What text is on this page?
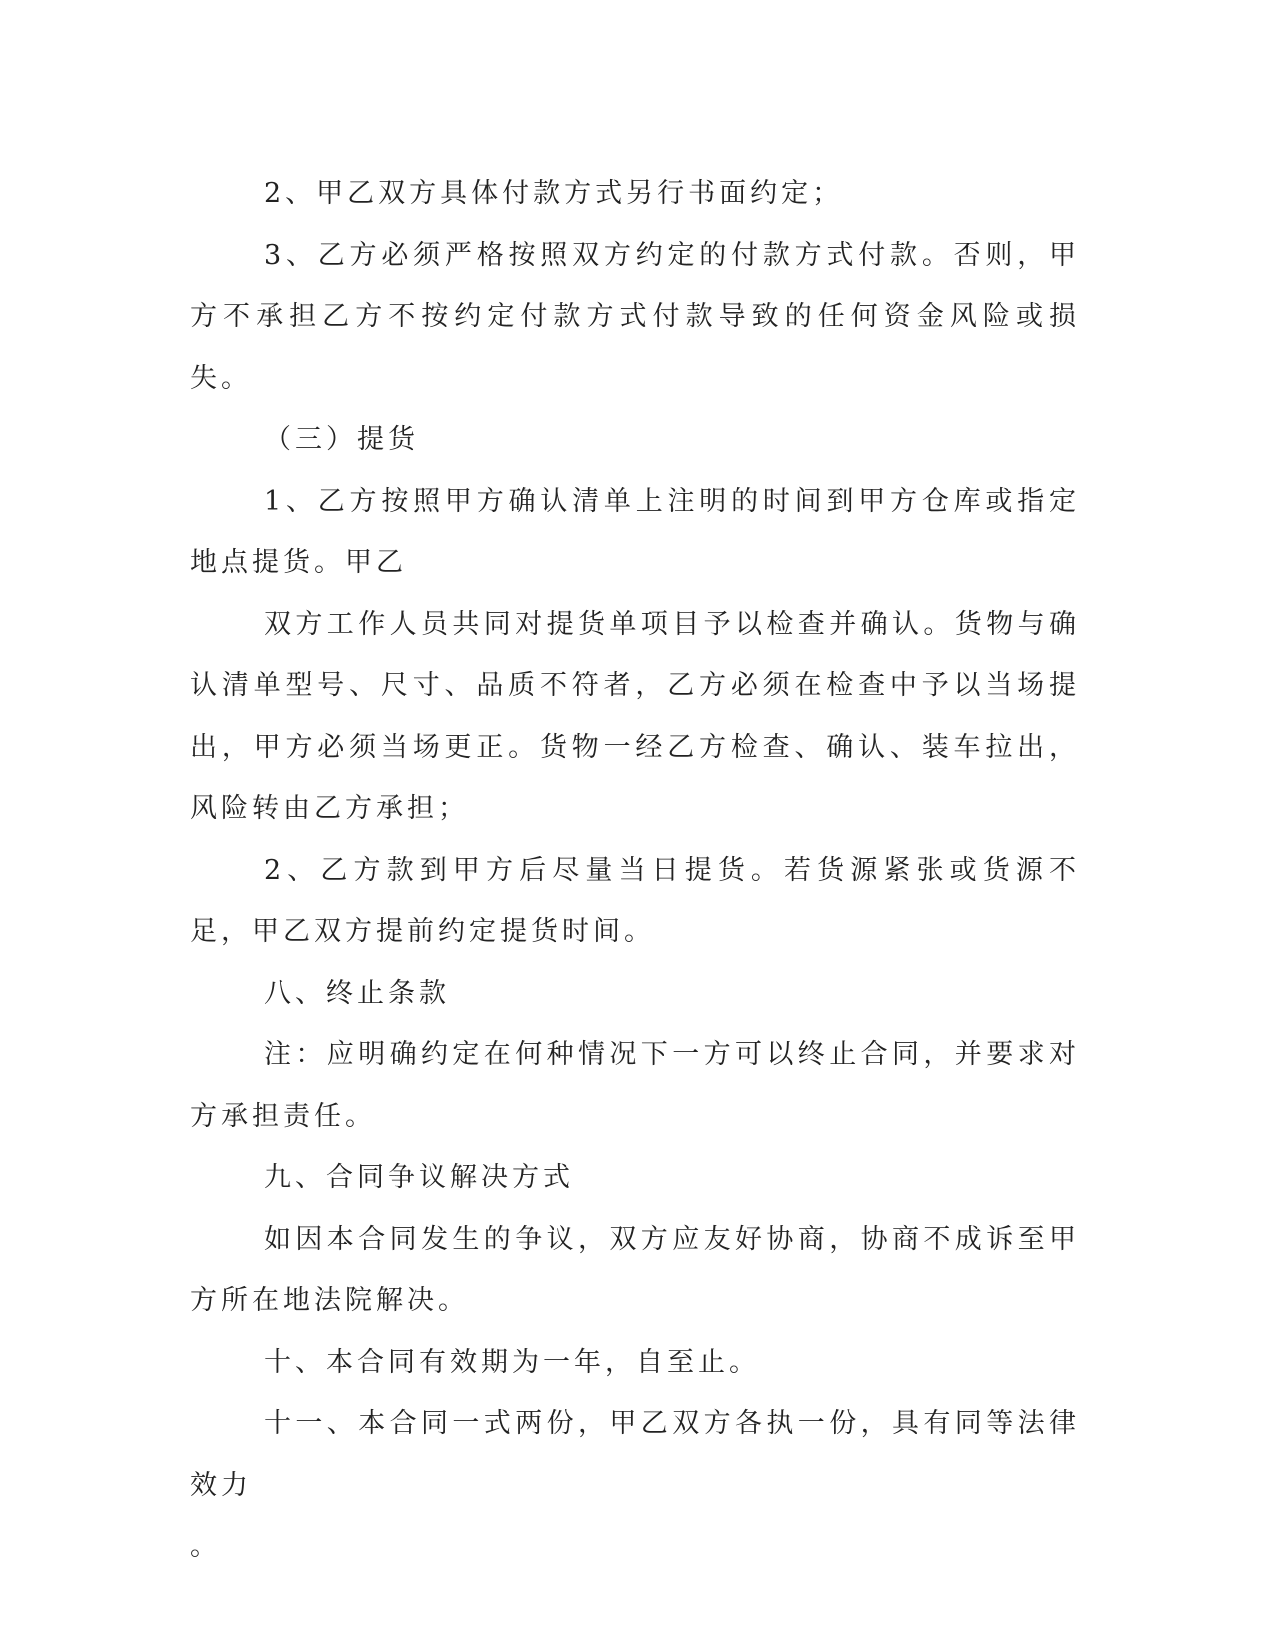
2、甲乙双方具体付款方式另行书面约定；

3、乙方必须严格按照双方约定的付款方式付款。否则，甲方不承担乙方不按约定付款方式付款导致的任何资金风险或损失。

（三）提货

1、乙方按照甲方确认清单上注明的时间到甲方仓库或指定地点提货。甲乙

双方工作人员共同对提货单项目予以检查并确认。货物与确认清单型号、尺寸、品质不符者，乙方必须在检查中予以当场提出，甲方必须当场更正。货物一经乙方检查、确认、装车拉出，风险转由乙方承担；

2、乙方款到甲方后尽量当日提货。若货源紧张或货源不足，甲乙双方提前约定提货时间。

八、终止条款

注：应明确约定在何种情况下一方可以终止合同，并要求对方承担责任。

九、合同争议解决方式

如因本合同发生的争议，双方应友好协商，协商不成诉至甲方所在地法院解决。

十、本合同有效期为一年，自至止。

十一、本合同一式两份，甲乙双方各执一份，具有同等法律效力

。
